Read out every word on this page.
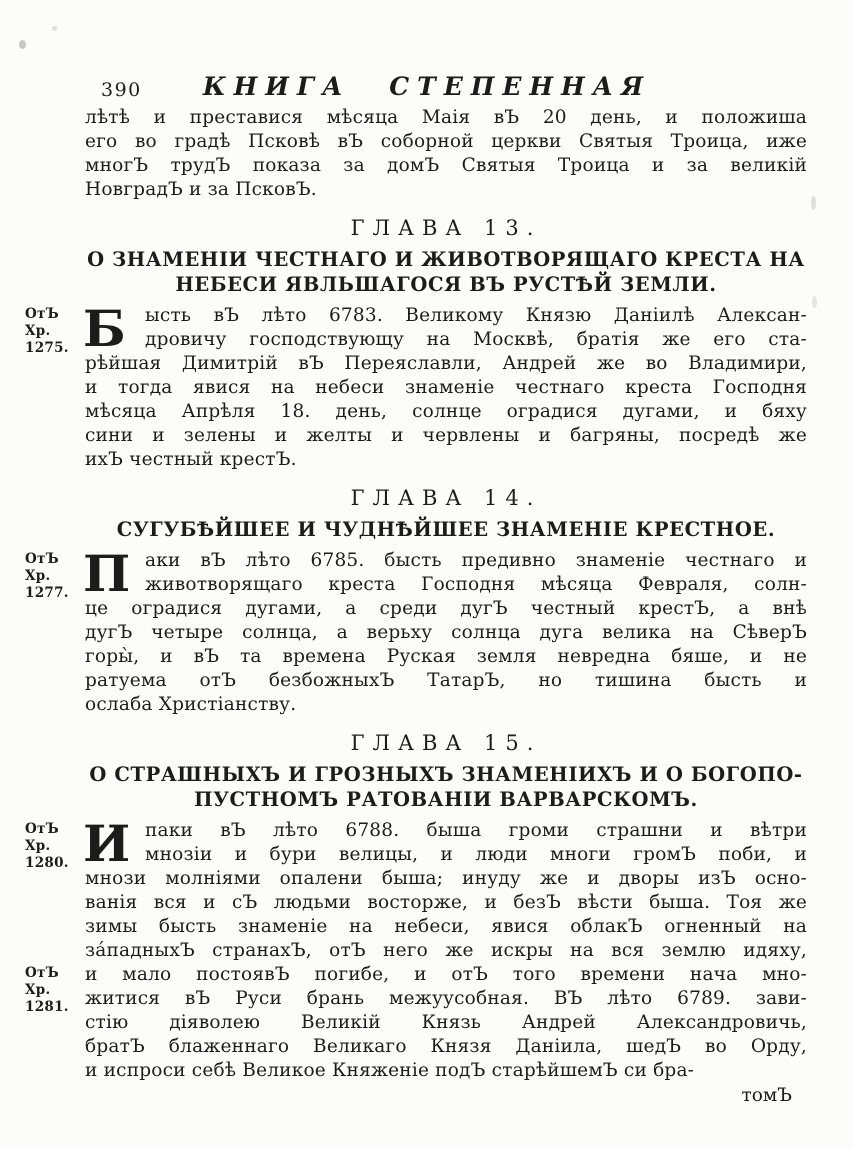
390	КНИГА СТЕПЕННАЯ
лѣтѣ и преставися мѣсяца Маія вЪ 20 день, и положиша
его во градѣ Псковѣ вЪ соборной церкви Святыя Троица, иже
многЪ трудЪ показа за домЪ Святыя Троица и за великій
НовградЪ и за ПсковЪ.
ГЛАВА 13.
О ЗНАМЕНІИ ЧЕСТНАГО И ЖИВОТВОРЯЩАГО КРЕСТА НА
НЕБЕСИ ЯВЛЬШАГОСЯ ВЪ РУСТѢЙ ЗЕМЛИ.
ОтЪ Хр.
1275. Б	ысть вЪ лѣто 6783. Великому Князю Даніилѣ Алексан-
дровичу господствующу на Москвѣ, братія же его ста-
рѣйшая Димитрій вЪ Переяславли, Андрей же во Владимири,
и тогда явися на небеси знаменіе честнаго креста Господня
мѣсяца Апрѣля 18. день, солнце оградися дугами, и бяху
сини и зелены и желты и червлены и багряны, посредѣ же
ихЪ честный крестЪ.
ГЛАВА 14.
СУГУБѢЙШЕЕ И ЧУДНѢЙШЕЕ ЗНАМЕНІЕ КРЕСТНОЕ.
ОтЪ Хр.
1277. П аки вЪ лѣто 6785. бысть предивно знаменіе честнаго и
животворящаго креста Господня мѣсяца Февраля, солн-
це оградися дугами, а среди дугЪ честный крестЪ, а внѣ
дугЪ четыре солнца, а верьху солнца дуга велика на СѣверЪ
горы̀, и вЪ та времена Руская земля невредна бяше, и не
ратуема отЪ безбожныхЪ ТатарЪ, но тишина бысть и
ослаба Христіанству.
ГЛАВА 15.
О СТРАШНЫХЪ И ГРОЗНЫХЪ ЗНАМЕНІИХЪ И О БОГОПО-
ПУСТНОМЪ РАТОВАНІИ ВАРВАРСКОМЪ.
ОтЪ Хр.
1280.
ОтЪ Хр.
1281.
И паки вЪ лѣто 6788. быша громи страшни и вѣтри
мнозіи и бури велицы, и люди многи громЪ поби, и
мнози молніями опалени быша; инуду же и дворы изЪ осно-
ванія вся и сЪ людьми восторже, и безЪ вѣсти быша. Тоя же
зимы бысть знаменіе на небеси, явися облакЪ огненный на
за́падныхЪ странахЪ, отЪ него же искры на вся землю идяху,
и мало постоявЪ погибе, и отЪ того времени нача мно-
житися вЪ Руси брань межуусобная. ВЪ лѣто 6789. зави-
стію діяволею Великій Князь Андрей Александровичь,
братЪ блаженнаго Великаго Князя Даніила, шедЪ во Орду,
и испроси себѣ Великое Княженіе подЪ старѣйшемЪ си бра-
томЪ
